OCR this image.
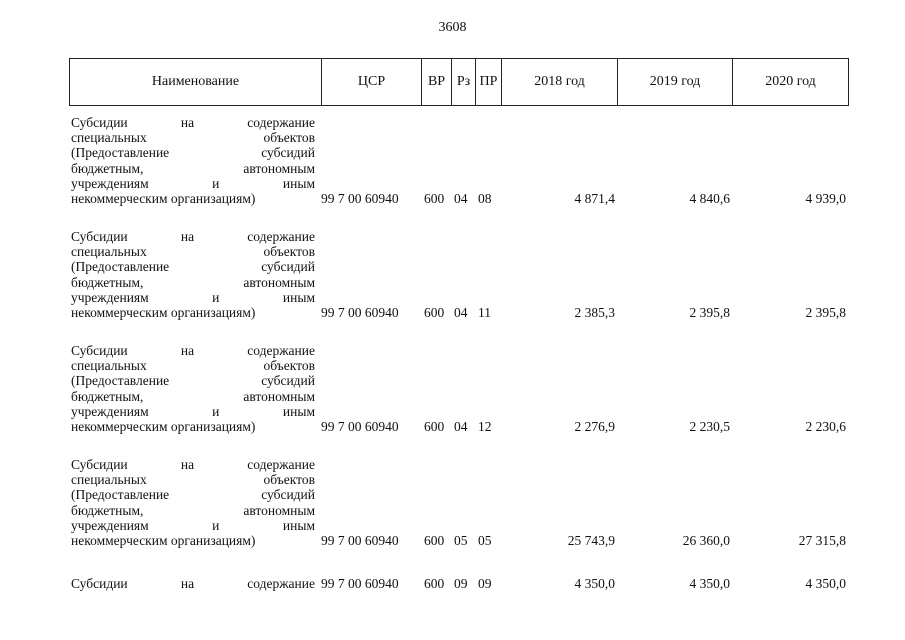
3608
Наименование	ЦСР	ВР Рз ПР	2018 год	2019 год	2020 год
Субсидии на содержание
специальных объектов
(Предоставление субсидий
бюджетным, автономным
учреждениям и иным
некоммерческим организациям)	99 7 00 60940	600 04 08	4 871,4	4 840,6	4 939,0
Субсидии на содержание
специальных объектов
(Предоставление субсидий
бюджетным, автономным
учреждениям и иным
некоммерческим организациям)	99 7 00 60940	600 04 11	2 385,3	2 395,8	2 395,8
Субсидии на содержание
специальных объектов
(Предоставление субсидий
бюджетным, автономным
учреждениям и иным
некоммерческим организациям)	99 7 00 60940	600 04 12	2 276,9	2 230,5	2 230,6
Субсидии на содержание
специальных объектов
(Предоставление субсидий
бюджетным, автономным
учреждениям и иным
некоммерческим организациям)	99 7 00 60940	600 05 05	25 743,9	26 360,0	27 315,8
Субсидии на содержание 99 7 00 60940	600 09 09	4 350,0	4 350,0	4 350,0
